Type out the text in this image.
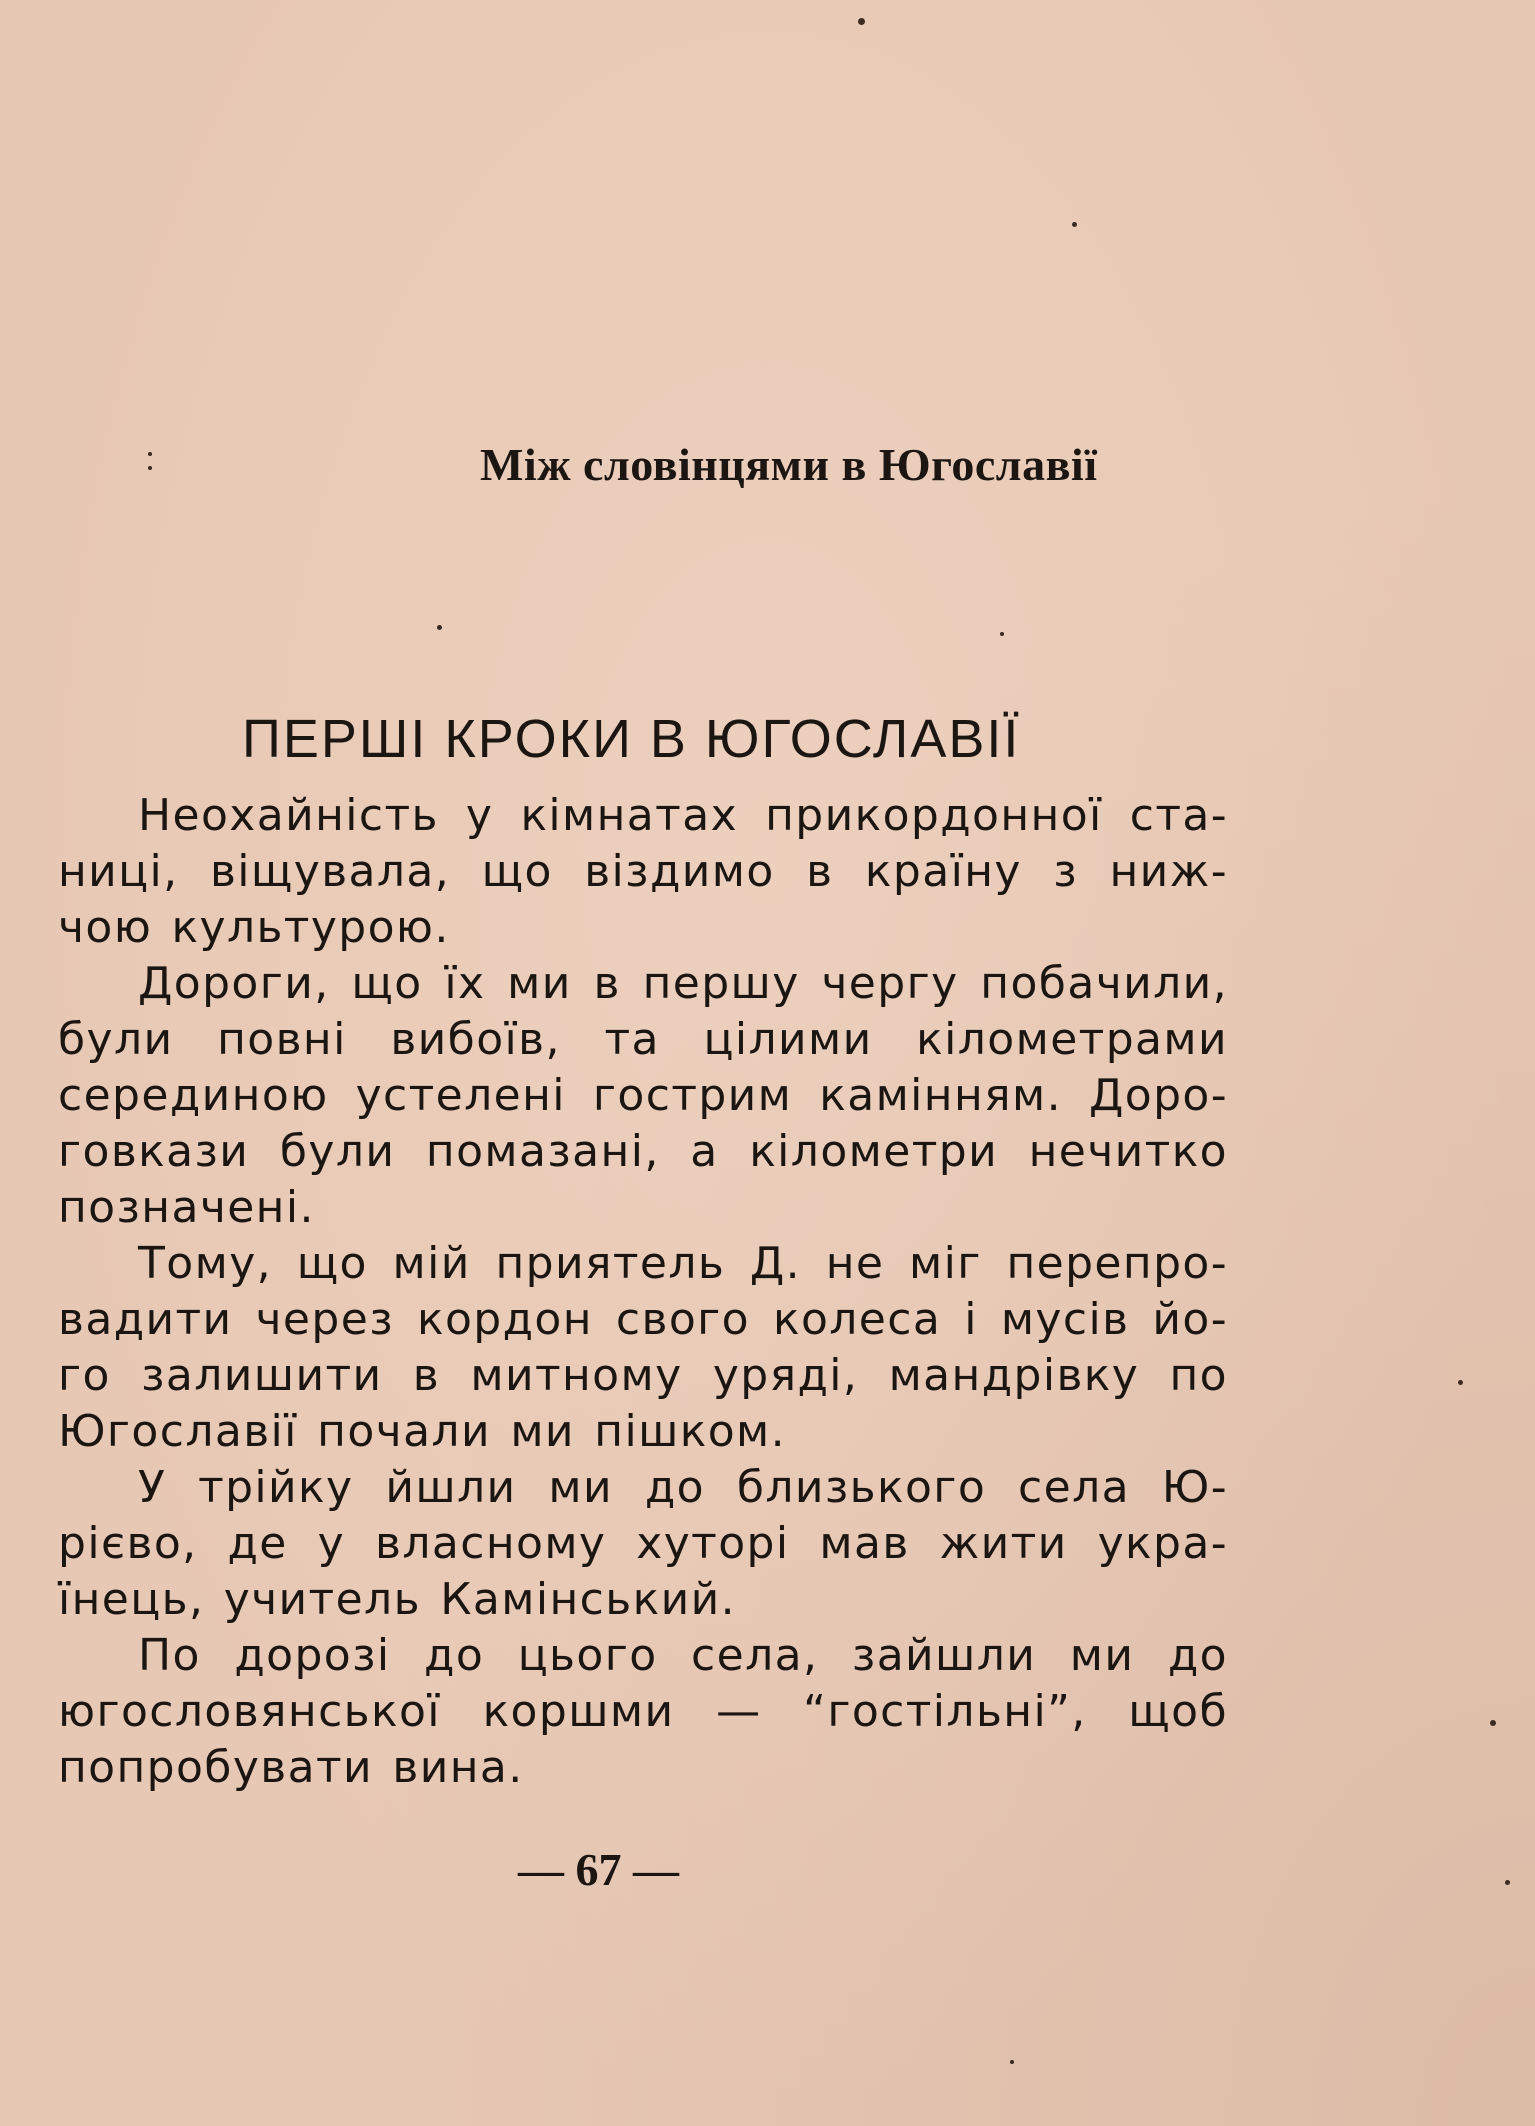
Між словінцями в Югославії
ПЕРШІ КРОКИ В ЮГОСЛАВІЇ

Неохайність у кімнатах прикордонної ста-
ниці, віщувала, що віздимо в країну з ниж-
чою культурою.

Дороги, що їх ми в першу чергу побачили,
були повні вибоїв, та цілими кілометрами
серединою устелені гострим камінням. Доро-
говкази були помазані, а кілометри нечитко
позначені.

Тому, що мій приятель Д. не міг перепро-
вадити через кордон свого колеса і мусів йо-
го залишити в митному уряді, мандрівку по
Югославії почали ми пішком.

У трійку йшли ми до близького села Ю-
рієво, де у власному хуторі мав жити укра-
їнець, учитель Камінський.

По дорозі до цього села, зайшли ми до
югословянської коршми — “гостільні”, щоб
попробувати вина.

— 67 —
